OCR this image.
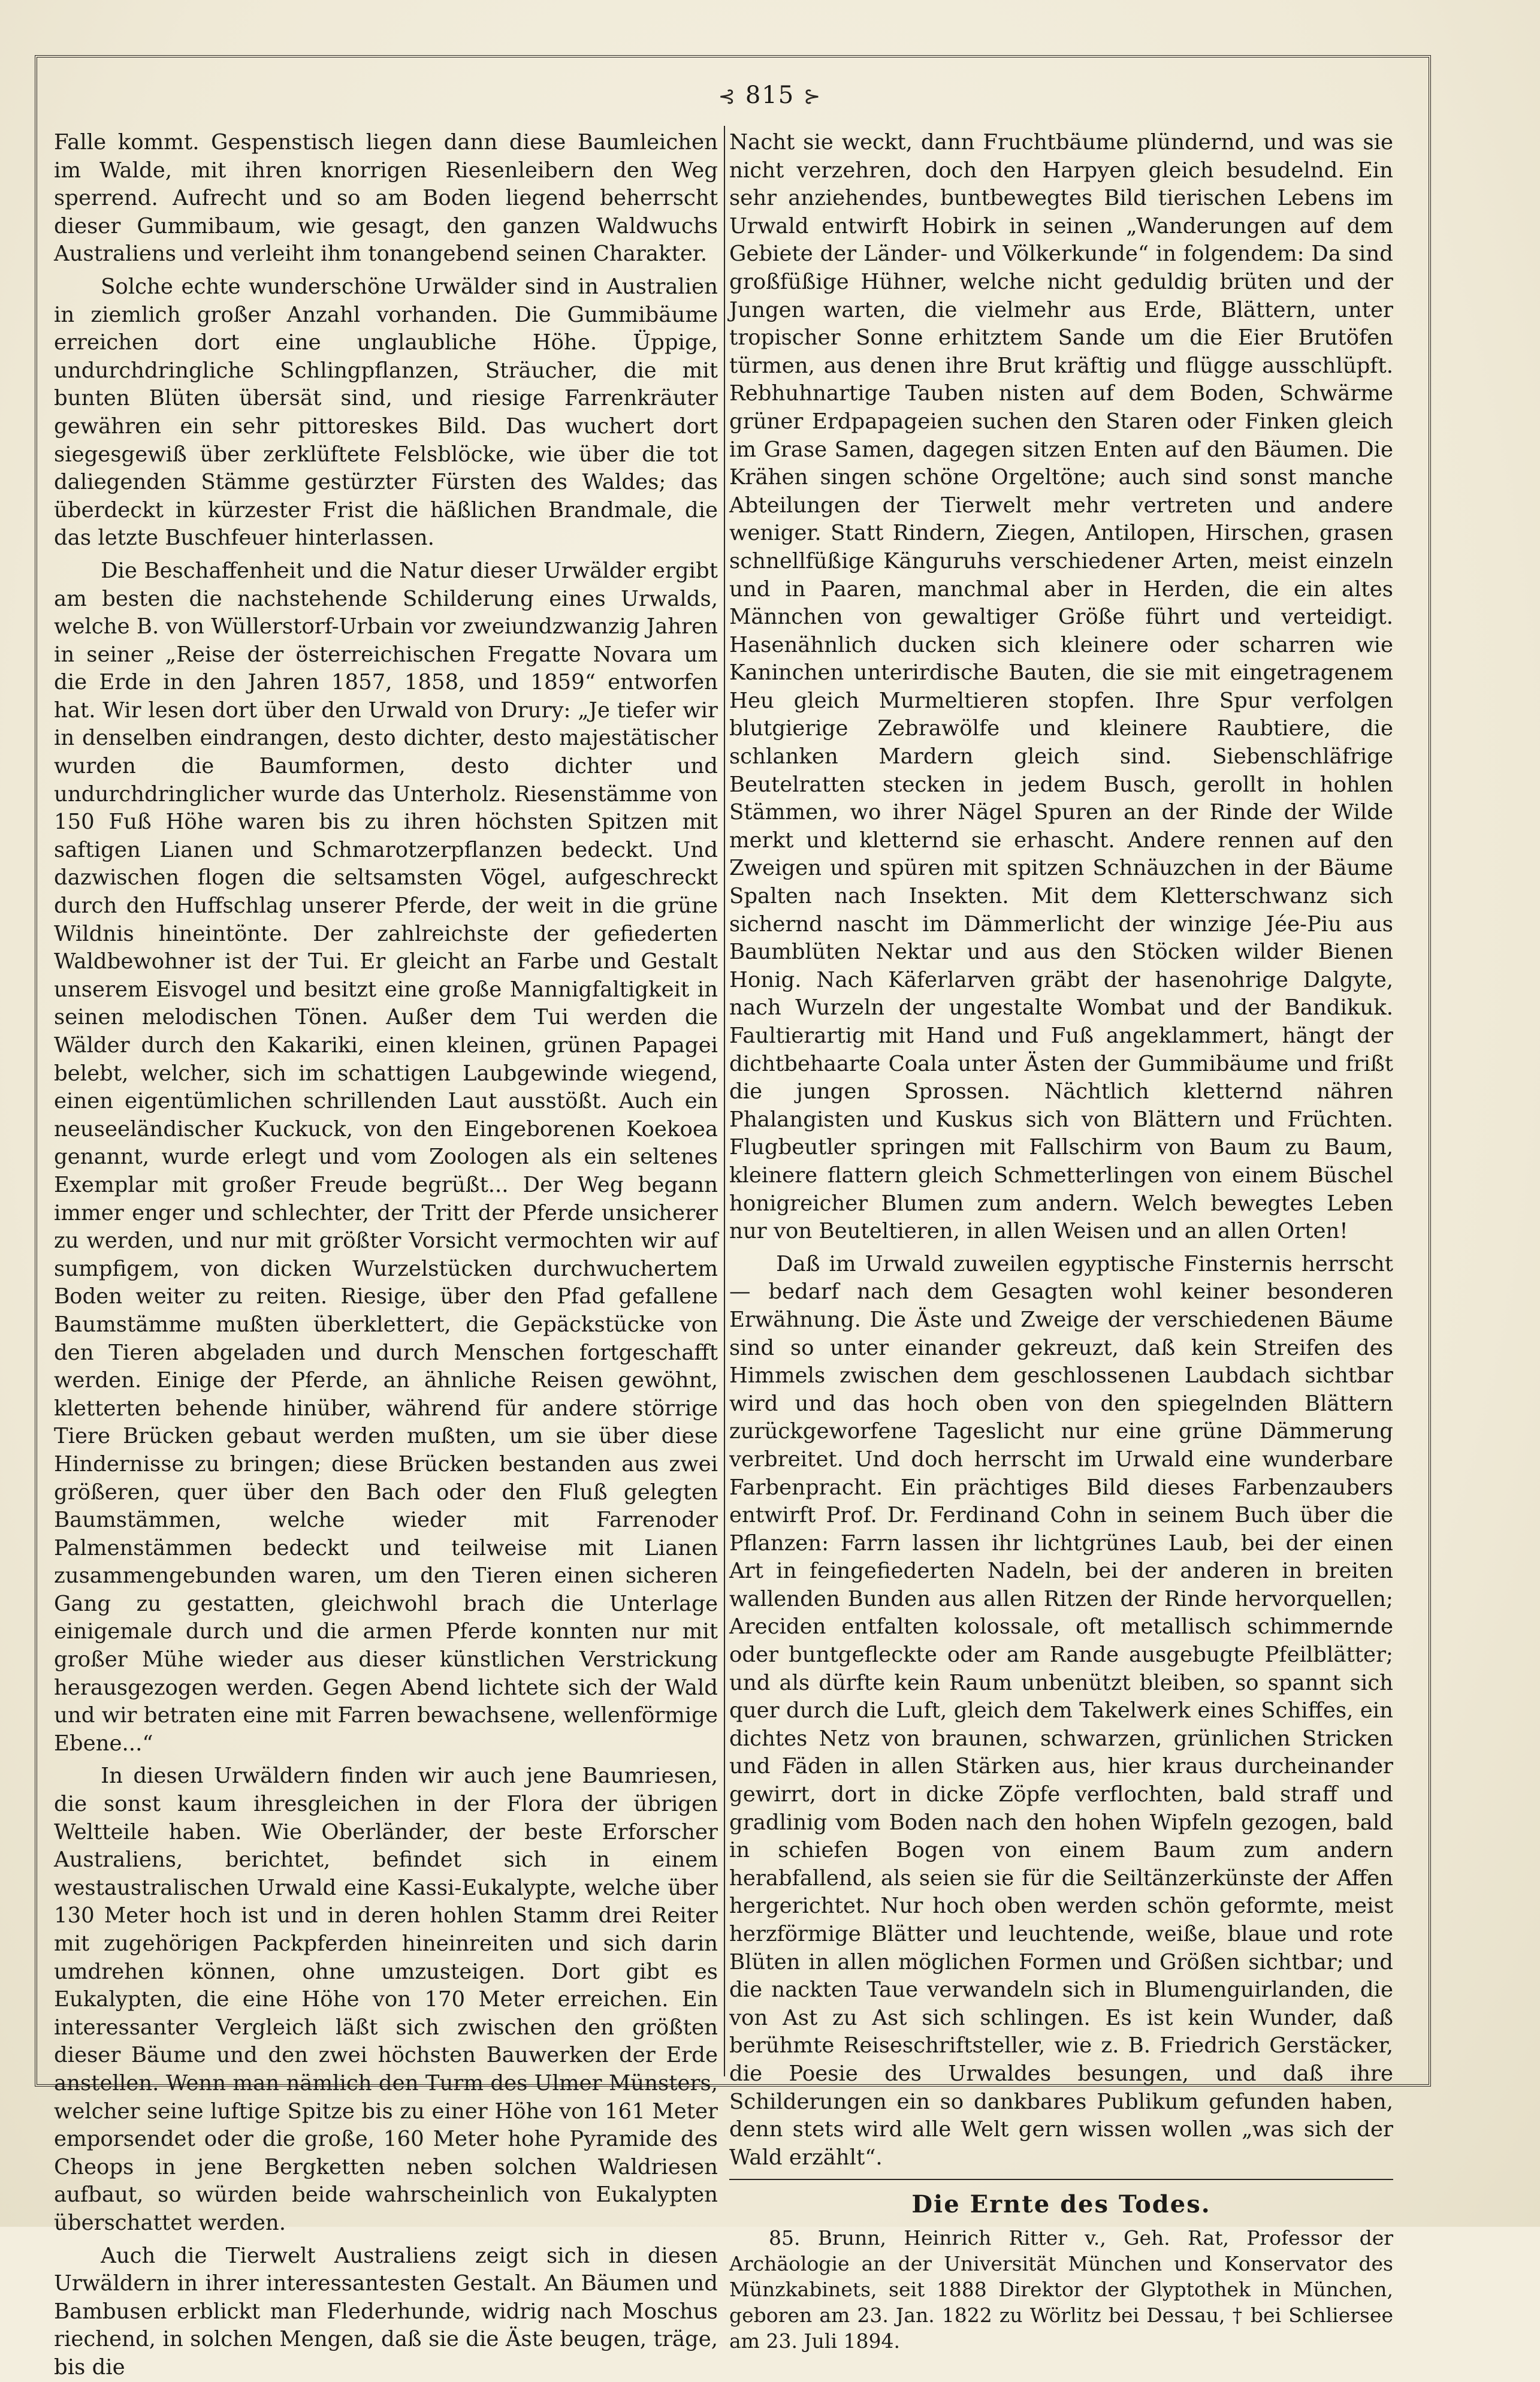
⊰ 815 ⊱

Falle kommt. Gespenstisch liegen dann diese Baumleichen im Walde, mit ihren knorrigen Riesenleibern den Weg sperrend. Aufrecht und so am Boden liegend beherrscht dieser Gummibaum, wie gesagt, den ganzen Waldwuchs Australiens und verleiht ihm tonangebend seinen Charakter.

Solche echte wunderschöne Urwälder sind in Australien in ziemlich großer Anzahl vorhanden. Die Gummibäume erreichen dort eine unglaubliche Höhe. Üppige, undurchdringliche Schlingpflanzen, Sträucher, die mit bunten Blüten übersät sind, und riesige Farrenkräuter gewähren ein sehr pittoreskes Bild. Das wuchert dort siegesgewiß über zerklüftete Felsblöcke, wie über die tot daliegenden Stämme gestürzter Fürsten des Waldes; das überdeckt in kürzester Frist die häßlichen Brandmale, die das letzte Buschfeuer hinterlassen.

Die Beschaffenheit und die Natur dieser Urwälder ergibt am besten die nachstehende Schilderung eines Urwalds, welche B. von Wüllerstorf-Urbain vor zweiundzwanzig Jahren in seiner „Reise der österreichischen Fregatte Novara um die Erde in den Jahren 1857, 1858, und 1859“ entworfen hat. Wir lesen dort über den Urwald von Drury: „Je tiefer wir in denselben eindrangen, desto dichter, desto majestätischer wurden die Baumformen, desto dichter und undurchdringlicher wurde das Unterholz. Riesenstämme von 150 Fuß Höhe waren bis zu ihren höchsten Spitzen mit saftigen Lianen und Schmarotzerpflanzen bedeckt. Und dazwischen flogen die seltsamsten Vögel, aufgeschreckt durch den Huffschlag unserer Pferde, der weit in die grüne Wildnis hineintönte. Der zahlreichste der gefiederten Waldbewohner ist der Tui. Er gleicht an Farbe und Gestalt unserem Eisvogel und besitzt eine große Mannigfaltigkeit in seinen melodischen Tönen. Außer dem Tui werden die Wälder durch den Kakariki, einen kleinen, grünen Papagei belebt, welcher, sich im schattigen Laubgewinde wiegend, einen eigentümlichen schrillenden Laut ausstößt. Auch ein neuseeländischer Kuckuck, von den Eingeborenen Koekoea genannt, wurde erlegt und vom Zoologen als ein seltenes Exemplar mit großer Freude begrüßt... Der Weg begann immer enger und schlechter, der Tritt der Pferde unsicherer zu werden, und nur mit größter Vorsicht vermochten wir auf sumpfigem, von dicken Wurzelstücken durchwuchertem Boden weiter zu reiten. Riesige, über den Pfad gefallene Baumstämme mußten überklettert, die Gepäckstücke von den Tieren abgeladen und durch Menschen fortgeschafft werden. Einige der Pferde, an ähnliche Reisen gewöhnt, kletterten behende hinüber, während für andere störrige Tiere Brücken gebaut werden mußten, um sie über diese Hindernisse zu bringen; diese Brücken bestanden aus zwei größeren, quer über den Bach oder den Fluß gelegten Baumstämmen, welche wieder mit Farrenoder Palmenstämmen bedeckt und teilweise mit Lianen zusammengebunden waren, um den Tieren einen sicheren Gang zu gestatten, gleichwohl brach die Unterlage einigemale durch und die armen Pferde konnten nur mit großer Mühe wieder aus dieser künstlichen Verstrickung herausgezogen werden. Gegen Abend lichtete sich der Wald und wir betraten eine mit Farren bewachsene, wellenförmige Ebene...“

In diesen Urwäldern finden wir auch jene Baumriesen, die sonst kaum ihresgleichen in der Flora der übrigen Weltteile haben. Wie Oberländer, der beste Erforscher Australiens, berichtet, befindet sich in einem westaustralischen Urwald eine Kassi-Eukalypte, welche über 130 Meter hoch ist und in deren hohlen Stamm drei Reiter mit zugehörigen Packpferden hineinreiten und sich darin umdrehen können, ohne umzusteigen. Dort gibt es Eukalypten, die eine Höhe von 170 Meter erreichen. Ein interessanter Vergleich läßt sich zwischen den größten dieser Bäume und den zwei höchsten Bauwerken der Erde anstellen. Wenn man nämlich den Turm des Ulmer Münsters, welcher seine luftige Spitze bis zu einer Höhe von 161 Meter emporsendet oder die große, 160 Meter hohe Pyramide des Cheops in jene Bergketten neben solchen Waldriesen aufbaut, so würden beide wahrscheinlich von Eukalypten überschattet werden.

Auch die Tierwelt Australiens zeigt sich in diesen Urwäldern in ihrer interessantesten Gestalt. An Bäumen und Bambusen erblickt man Flederhunde, widrig nach Moschus riechend, in solchen Mengen, daß sie die Äste beugen, träge, bis die

Nacht sie weckt, dann Fruchtbäume plündernd, und was sie nicht verzehren, doch den Harpyen gleich besudelnd. Ein sehr anziehendes, buntbewegtes Bild tierischen Lebens im Urwald entwirft Hobirk in seinen „Wanderungen auf dem Gebiete der Länder- und Völkerkunde“ in folgendem: Da sind großfüßige Hühner, welche nicht geduldig brüten und der Jungen warten, die vielmehr aus Erde, Blättern, unter tropischer Sonne erhitztem Sande um die Eier Brutöfen türmen, aus denen ihre Brut kräftig und flügge ausschlüpft. Rebhuhnartige Tauben nisten auf dem Boden, Schwärme grüner Erdpapageien suchen den Staren oder Finken gleich im Grase Samen, dagegen sitzen Enten auf den Bäumen. Die Krähen singen schöne Orgeltöne; auch sind sonst manche Abteilungen der Tierwelt mehr vertreten und andere weniger. Statt Rindern, Ziegen, Antilopen, Hirschen, grasen schnellfüßige Känguruhs verschiedener Arten, meist einzeln und in Paaren, manchmal aber in Herden, die ein altes Männchen von gewaltiger Größe führt und verteidigt. Hasenähnlich ducken sich kleinere oder scharren wie Kaninchen unterirdische Bauten, die sie mit eingetragenem Heu gleich Murmeltieren stopfen. Ihre Spur verfolgen blutgierige Zebrawölfe und kleinere Raubtiere, die schlanken Mardern gleich sind. Siebenschläfrige Beutelratten stecken in jedem Busch, gerollt in hohlen Stämmen, wo ihrer Nägel Spuren an der Rinde der Wilde merkt und kletternd sie erhascht. Andere rennen auf den Zweigen und spüren mit spitzen Schnäuzchen in der Bäume Spalten nach Insekten. Mit dem Kletterschwanz sich sichernd nascht im Dämmerlicht der winzige Jée-Piu aus Baumblüten Nektar und aus den Stöcken wilder Bienen Honig. Nach Käferlarven gräbt der hasenohrige Dalgyte, nach Wurzeln der ungestalte Wombat und der Bandikuk. Faultierartig mit Hand und Fuß angeklammert, hängt der dichtbehaarte Coala unter Ästen der Gummibäume und frißt die jungen Sprossen. Nächtlich kletternd nähren Phalangisten und Kuskus sich von Blättern und Früchten. Flugbeutler springen mit Fallschirm von Baum zu Baum, kleinere flattern gleich Schmetterlingen von einem Büschel honigreicher Blumen zum andern. Welch bewegtes Leben nur von Beuteltieren, in allen Weisen und an allen Orten!

Daß im Urwald zuweilen egyptische Finsternis herrscht — bedarf nach dem Gesagten wohl keiner besonderen Erwähnung. Die Äste und Zweige der verschiedenen Bäume sind so unter einander gekreuzt, daß kein Streifen des Himmels zwischen dem geschlossenen Laubdach sichtbar wird und das hoch oben von den spiegelnden Blättern zurückgeworfene Tageslicht nur eine grüne Dämmerung verbreitet. Und doch herrscht im Urwald eine wunderbare Farbenpracht. Ein prächtiges Bild dieses Farbenzaubers entwirft Prof. Dr. Ferdinand Cohn in seinem Buch über die Pflanzen: Farrn lassen ihr lichtgrünes Laub, bei der einen Art in feingefiederten Nadeln, bei der anderen in breiten wallenden Bunden aus allen Ritzen der Rinde hervorquellen; Areciden entfalten kolossale, oft metallisch schimmernde oder buntgefleckte oder am Rande ausgebugte Pfeilblätter; und als dürfte kein Raum unbenützt bleiben, so spannt sich quer durch die Luft, gleich dem Takelwerk eines Schiffes, ein dichtes Netz von braunen, schwarzen, grünlichen Stricken und Fäden in allen Stärken aus, hier kraus durcheinander gewirrt, dort in dicke Zöpfe verflochten, bald straff und gradlinig vom Boden nach den hohen Wipfeln gezogen, bald in schiefen Bogen von einem Baum zum andern herabfallend, als seien sie für die Seiltänzerkünste der Affen hergerichtet. Nur hoch oben werden schön geformte, meist herzförmige Blätter und leuchtende, weiße, blaue und rote Blüten in allen möglichen Formen und Größen sichtbar; und die nackten Taue verwandeln sich in Blumenguirlanden, die von Ast zu Ast sich schlingen. Es ist kein Wunder, daß berühmte Reiseschriftsteller, wie z. B. Friedrich Gerstäcker, die Poesie des Urwaldes besungen, und daß ihre Schilderungen ein so dankbares Publikum gefunden haben, denn stets wird alle Welt gern wissen wollen „was sich der Wald erzählt“.

Die Ernte des Todes.

85. Brunn, Heinrich Ritter v., Geh. Rat, Professor der Archäologie an der Universität München und Konservator des Münzkabinets, seit 1888 Direktor der Glyptothek in München, geboren am 23. Jan. 1822 zu Wörlitz bei Dessau, † bei Schliersee am 23. Juli 1894.
